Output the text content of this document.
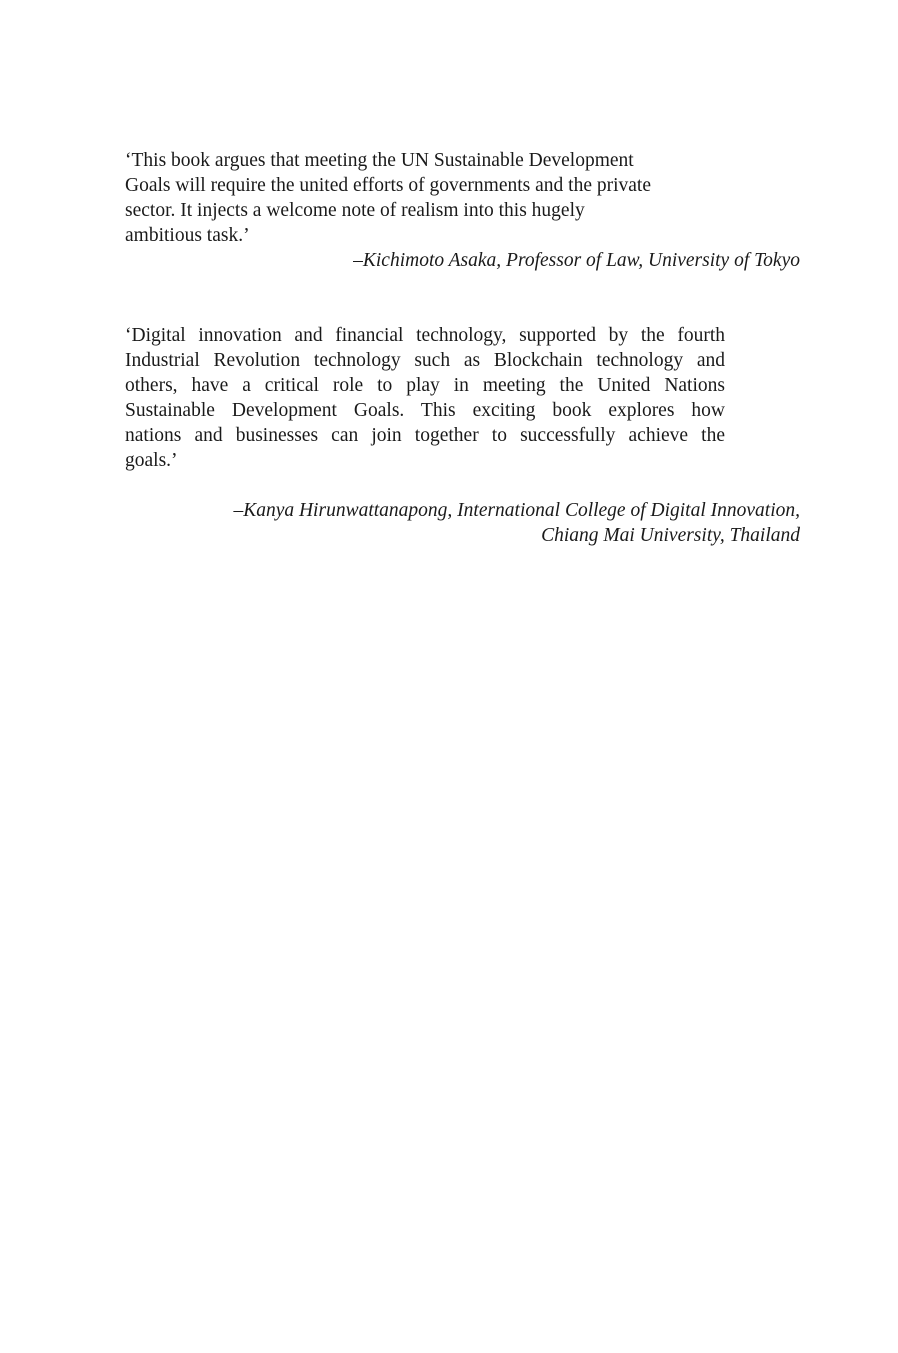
‘This book argues that meeting the UN Sustainable Development
Goals will require the united efforts of governments and the private
sector. It injects a welcome note of realism into this hugely
ambitious task.’

–Kichimoto Asaka, Professor of Law, University of Tokyo

‘Digital innovation and financial technology, supported by the fourth
Industrial Revolution technology such as Blockchain technology and
others, have a critical role to play in meeting the United Nations
Sustainable Development Goals. This exciting book explores how
nations and businesses can join together to successfully achieve the
goals.’

–Kanya Hirunwattanapong, International College of Digital Innovation,
Chiang Mai University, Thailand
